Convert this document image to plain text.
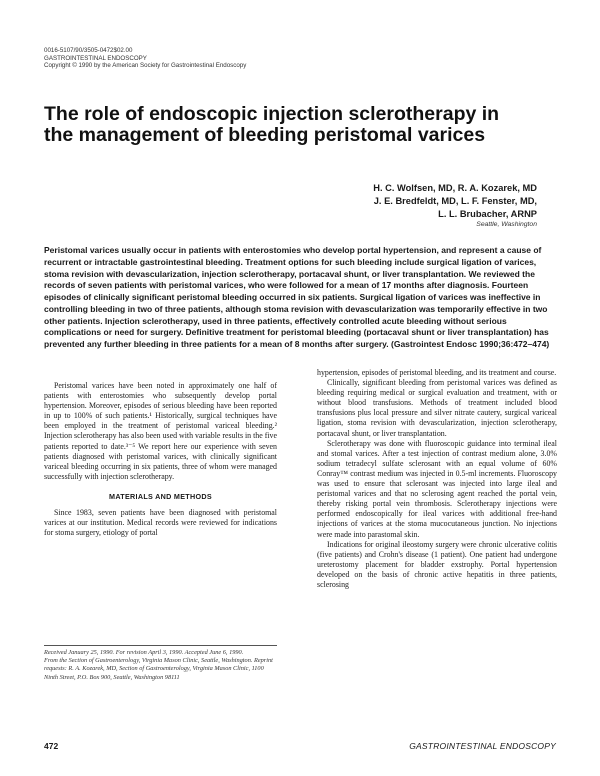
0016-5107/90/3505-0472$02.00
GASTROINTESTINAL ENDOSCOPY
Copyright © 1990 by the American Society for Gastrointestinal Endoscopy
The role of endoscopic injection sclerotherapy in the management of bleeding peristomal varices
H. C. Wolfsen, MD, R. A. Kozarek, MD
J. E. Bredfeldt, MD, L. F. Fenster, MD,
L. L. Brubacher, ARNP
Seattle, Washington

Peristomal varices usually occur in patients with enterostomies who develop portal hypertension, and represent a cause of recurrent or intractable gastrointestinal bleeding. Treatment options for such bleeding include surgical ligation of varices, stoma revision with devascularization, injection sclerotherapy, portacaval shunt, or liver transplantation. We reviewed the records of seven patients with peristomal varices, who were followed for a mean of 17 months after diagnosis. Fourteen episodes of clinically significant peristomal bleeding occurred in six patients. Surgical ligation of varices was ineffective in controlling bleeding in two of three patients, although stoma revision with devascularization was temporarily effective in two other patients. Injection sclerotherapy, used in three patients, effectively controlled acute bleeding without serious complications or need for surgery. Definitive treatment for peristomal bleeding (portacaval shunt or liver transplantation) has prevented any further bleeding in three patients for a mean of 8 months after surgery. (Gastrointest Endosc 1990;36:472–474)

Peristomal varices have been noted in approximately one half of patients with enterostomies who subsequently develop portal hypertension. Moreover, episodes of serious bleeding have been reported in up to 100% of such patients.¹ Historically, surgical techniques have been employed in the treatment of peristomal variceal bleeding.² Injection sclerotherapy has also been used with variable results in the five patients reported to date.³⁻⁵ We report here our experience with seven patients diagnosed with peristomal varices, with clinically significant variceal bleeding occurring in six patients, three of whom were managed successfully with injection sclerotherapy.

MATERIALS AND METHODS

Since 1983, seven patients have been diagnosed with peristomal varices at our institution. Medical records were reviewed for indications for stoma surgery, etiology of portal

Received January 25, 1990. For revision April 3, 1990. Accepted June 6, 1990.

From the Section of Gastroenterology, Virginia Mason Clinic, Seattle, Washington. Reprint requests: R. A. Kozarek, MD, Section of Gastroenterology, Virginia Mason Clinic, 1100 Ninth Street, P.O. Box 900, Seattle, Washington 98111

hypertension, episodes of peristomal bleeding, and its treatment and course.

Clinically, significant bleeding from peristomal varices was defined as bleeding requiring medical or surgical evaluation and treatment, with or without blood transfusions. Methods of treatment included blood transfusions plus local pressure and silver nitrate cautery, surgical variceal ligation, stoma revision with devascularization, injection sclerotherapy, portacaval shunt, or liver transplantation.

Sclerotherapy was done with fluoroscopic guidance into terminal ileal and stomal varices. After a test injection of contrast medium alone, 3.0% sodium tetradecyl sulfate sclerosant with an equal volume of 60% Conray™ contrast medium was injected in 0.5-ml increments. Fluoroscopy was used to ensure that sclerosant was injected into large ileal and peristomal varices and that no sclerosing agent reached the portal vein, thereby risking portal vein thrombosis. Sclerotherapy injections were performed endoscopically for ileal varices with additional free-hand injections of varices at the stoma mucocutaneous junction. No injections were made into parastomal skin.

Indications for original ileostomy surgery were chronic ulcerative colitis (five patients) and Crohn's disease (1 patient). One patient had undergone ureterostomy placement for bladder exstrophy. Portal hypertension developed on the basis of chronic active hepatitis in three patients, sclerosing

472	GASTROINTESTINAL ENDOSCOPY
